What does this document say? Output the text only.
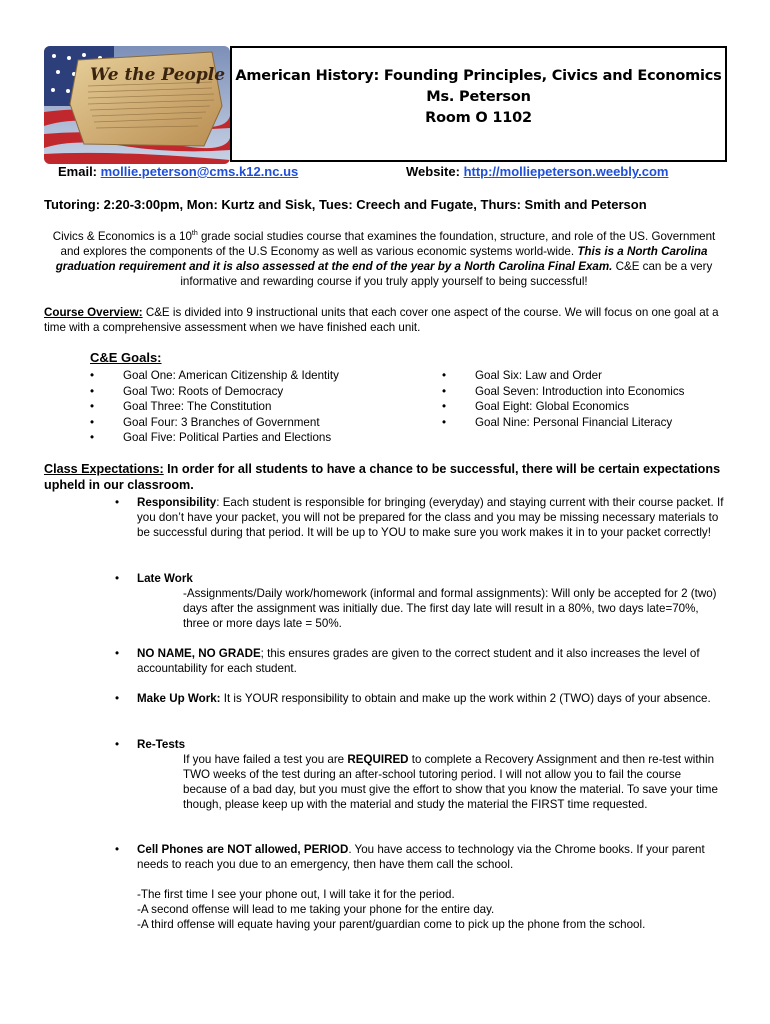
We the People American History: Founding Principles, Civics and Economics
Ms. Peterson
Room O 1102
Email: mollie.peterson@cms.k12.nc.us	Website: http://molliepeterson.weebly.com
Tutoring: 2:20-3:00pm, Mon: Kurtz and Sisk, Tues: Creech and Fugate, Thurs: Smith and Peterson
Civics & Economics is a 10th grade social studies course that examines the foundation, structure, and role of the US. Government and explores the components of the U.S Economy as well as various economic systems world-wide. This is a North Carolina graduation requirement and it is also assessed at the end of the year by a North Carolina Final Exam. C&E can be a very informative and rewarding course if you truly apply yourself to being successful!
Course Overview: C&E is divided into 9 instructional units that each cover one aspect of the course. We will focus on one goal at a time with a comprehensive assessment when we have finished each unit.
C&E Goals:
• Goal One: American Citizenship & Identity
• Goal Two: Roots of Democracy
• Goal Three: The Constitution
• Goal Four: 3 Branches of Government
• Goal Five: Political Parties and Elections
• Goal Six: Law and Order
• Goal Seven: Introduction into Economics
• Goal Eight: Global Economics
• Goal Nine: Personal Financial Literacy
Class Expectations: In order for all students to have a chance to be successful, there will be certain expectations upheld in our classroom.
• Responsibility: Each student is responsible for bringing (everyday) and staying current with their course packet. If you don’t have your packet, you will not be prepared for the class and you may be missing necessary materials to be successful during that period. It will be up to YOU to make sure you work makes it in to your packet correctly!
• Late Work
-Assignments/Daily work/homework (informal and formal assignments): Will only be accepted for 2 (two) days after the assignment was initially due. The first day late will result in a 80%, two days late=70%, three or more days late = 50%.
• NO NAME, NO GRADE; this ensures grades are given to the correct student and it also increases the level of accountability for each student.
• Make Up Work: It is YOUR responsibility to obtain and make up the work within 2 (TWO) days of your absence.
• Re-Tests
If you have failed a test you are REQUIRED to complete a Recovery Assignment and then re-test within TWO weeks of the test during an after-school tutoring period. I will not allow you to fail the course because of a bad day, but you must give the effort to show that you know the material. To save your time though, please keep up with the material and study the material the FIRST time requested.
• Cell Phones are NOT allowed, PERIOD. You have access to technology via the Chrome books. If your parent needs to reach you due to an emergency, then have them call the school.
-The first time I see your phone out, I will take it for the period.
-A second offense will lead to me taking your phone for the entire day.
-A third offense will equate having your parent/guardian come to pick up the phone from the school.
